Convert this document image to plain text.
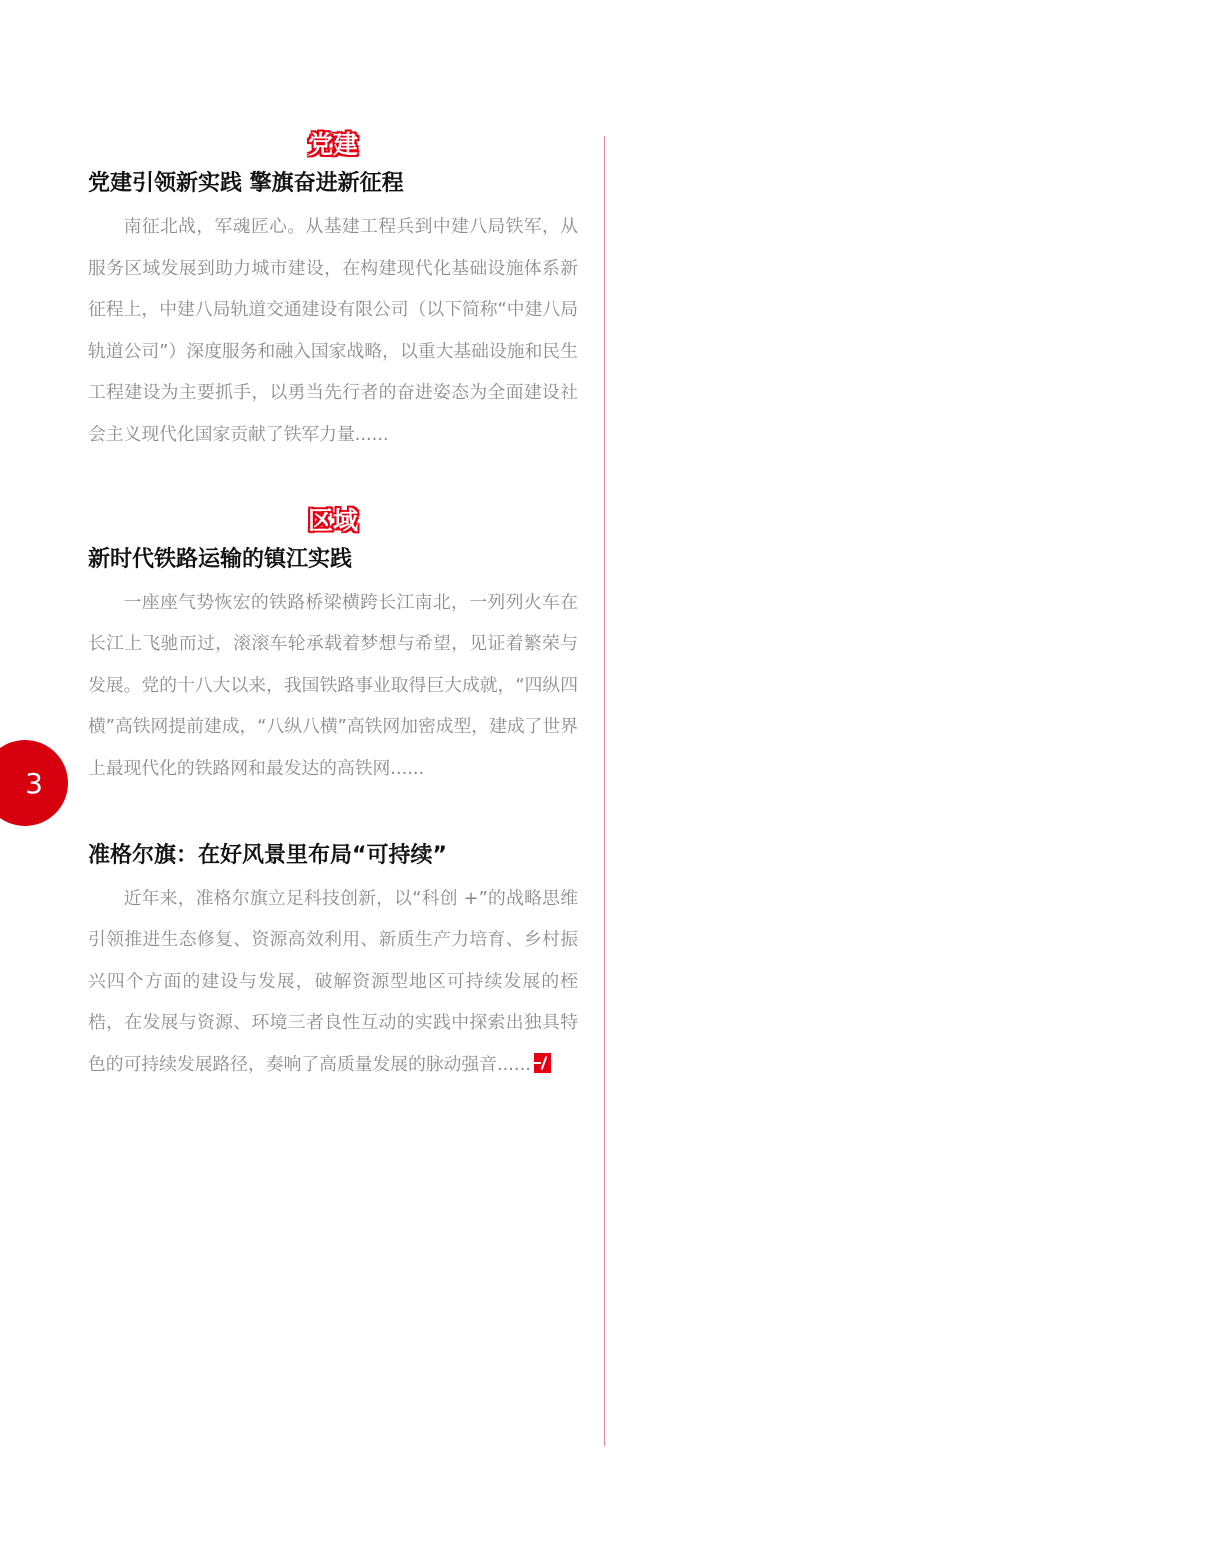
党建
党建引领新实践 擎旗奋进新征程

南征北战，军魂匠心。从基建工程兵到中建八局铁军，从服务区域发展到助力城市建设，在构建现代化基础设施体系新征程上，中建八局轨道交通建设有限公司（以下简称“中建八局轨道公司”）深度服务和融入国家战略，以重大基础设施和民生工程建设为主要抓手，以勇当先行者的奋进姿态为全面建设社会主义现代化国家贡献了铁军力量......

区域
新时代铁路运输的镇江实践

一座座气势恢宏的铁路桥梁横跨长江南北，一列列火车在长江上飞驰而过，滚滚车轮承载着梦想与希望，见证着繁荣与发展。党的十八大以来，我国铁路事业取得巨大成就，“四纵四横”高铁网提前建成，“八纵八横”高铁网加密成型，建成了世界上最现代化的铁路网和最发达的高铁网......

准格尔旗：在好风景里布局“可持续”

近年来，准格尔旗立足科技创新，以“科创 +”的战略思维引领推进生态修复、资源高效利用、新质生产力培育、乡村振兴四个方面的建设与发展，破解资源型地区可持续发展的桎梏，在发展与资源、环境三者良性互动的实践中探索出独具特色的可持续发展路径，奏响了高质量发展的脉动强音......

3
